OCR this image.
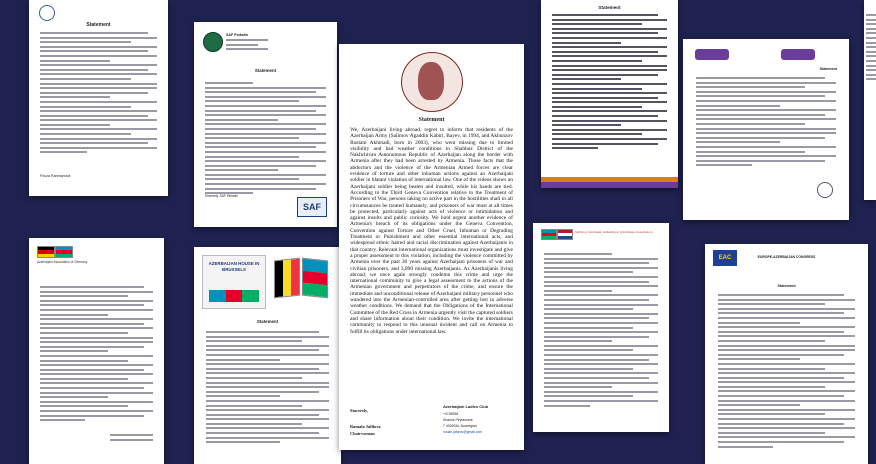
Statement
Firuza Rahmanova
Azerbaijani Association of Germany
SAF Pinkalin
Statement
Sincerely, SAF Pinkalin
SAF
AZERBAIJAN HOUSE IN BRUSSELS
Statement
Statement
We, Azerbaijani living abroad, regret to inform that residents of the Azerbaijan Army (Salimov Agaddin Kabiri, Bayev, in 1994, and Akhunzov Rustam Akhmadi, born in 2003), who went missing due to limited visibility and bad weather conditions in Shahbuz District of the Nakhchivan Autonomous Republic of Azerbaijan along the border with Armenia after they had been arrested by Armenia. Those facts that the abductors and the violence of the Armenian Armed forces are clear evidence of torture and other inhuman actions against an Azerbaijani soldier in blatant violation of international law. One of the videos shows an Azerbaijani soldier being beaten and insulted, while his hands are tied. According to the Third Geneva Convention relative to the Treatment of Prisoners of War, persons taking no active part in the hostilities shall in all circumstances be treated humanely, and prisoners of war must at all times be protected, particularly against acts of violence or intimidation and against insults and public curiosity. We hold urgent another evidence of Armenia's breach of its obligations under the Geneva Convention, Convention against Torture and Other Cruel, Inhuman or Degrading Treatment or Punishment and other essential international acts, and widespread ethnic hatred and racial discrimination against Azerbaijanis in that country. Relevant international organizations must investigate and give a proper assessment to this violation, including the violence committed by Armenia over the past 30 years against Azerbaijani prisoners of war and civilian prisoners, and 3,890 missing Azerbaijanis. As Azerbaijanis living abroad, we once again strongly condemn this crime and urge the international community to give a legal assessment to the actions of the Armenian government and perpetrators of the crime, and ensure the immediate and unconditional release of Azerbaijani military personnel who wandered into the Armenian-controlled area after getting lost in adverse weather conditions. We demand that the Obligations of the International Committee of the Red Cross in Armenia urgently visit the captured soldiers and share information about their condition. We invite the international community to respond to this unusual incident and call on Armenia to fulfill its obligations under international law.
Sincerely,
Ramala Jafilova
Chairwoman
Azerbaijani Ladies Club
+4746938
Kharius Peyrasnere
7 4009SAL Norwegian
ruslan.jafarov@gmail.com
Statement
Stichting 'Azerbaijan Hollandiyya' (Azerbaijani Association)
Statement
EAC	EUROPE-AZERBAIJAN CONGRESS
Statement
